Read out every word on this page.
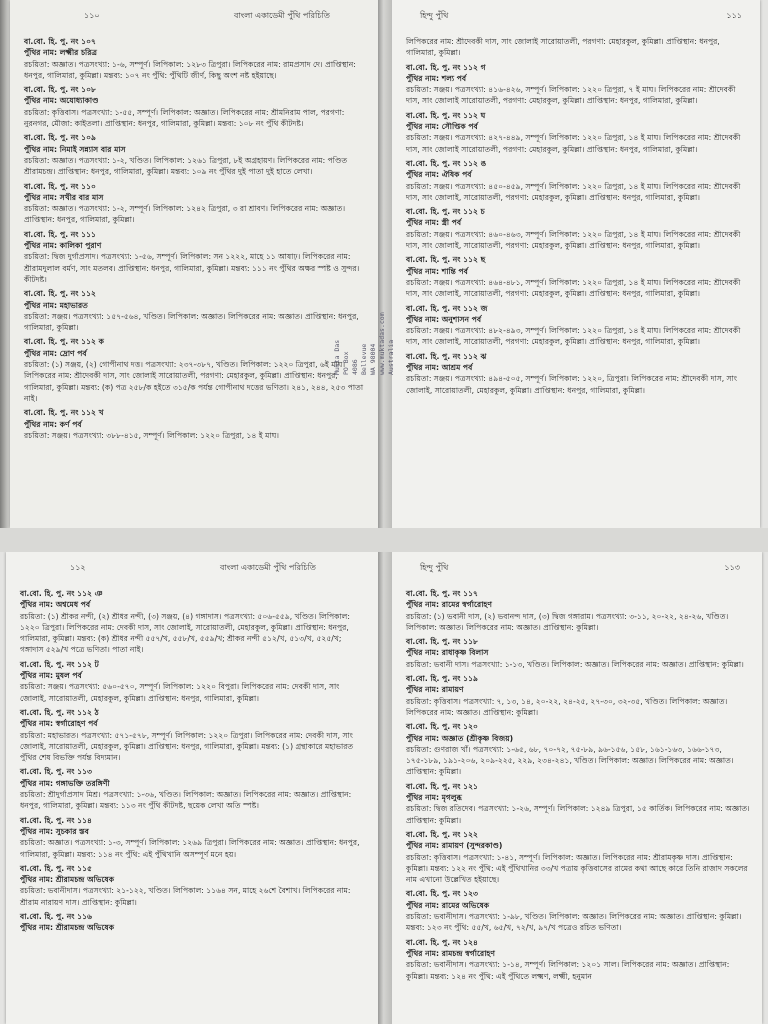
১১০	বাংলা একাডেমী পুঁথি পরিচিতি
বা.বো. হি. পু. নং ১০৭
পুঁথির নাম: লক্ষ্মীর চরিত্র
রচয়িতা: অজ্ঞাত। পত্রসংখ্যা: ১-৬, সম্পূর্ণ। লিপিকাল: ১২৮৩ ত্রিপুরা। লিপিকরের নাম: রামপ্রসাদ দে। প্রাপ্তিস্থান: ধনপুর, গালিমারা, কুমিল্লা। মন্তব্য: ১০৭ নং পুঁথি: পুঁথিটি জীর্ণ, কিছু অংশ নষ্ট হইয়াছে।
বা.বো. হি. পু. নং ১০৮
পুঁথির নাম: অযোধ্যাকাণ্ড
রচয়িতা: কৃত্তিবাস। পত্রসংখ্যা: ১-৫৫, সম্পূর্ণ। লিপিকাল: অজ্ঞাত। লিপিকরের নাম: শ্রীমনিরাম পাল, পরগণা: নুরনগর, মৌজা: কাইতলা। প্রাপ্তিস্থান: ধনপুর, গালিমারা, কুমিল্লা। মন্তব্য: ১০৮ নং পুঁথি কীটদষ্ট।
বা.বো. হি. পু. নং ১০৯
পুঁথির নাম: নিমাই সন্ন্যাস বার মাস
রচয়িতা: অজ্ঞাত। পত্রসংখ্যা: ১-২, খণ্ডিত। লিপিকাল: ১২৬১ ত্রিপুরা, ৮ই অগ্রহায়ণ। লিপিকরের নাম: পণ্ডিত শ্রীরামচন্দ্র। প্রাপ্তিস্থান: ধনপুর, গালিমারা, কুমিল্লা। মন্তব্য: ১০৯ নং পুঁথির দুই পাতা দুই হাতে লেখা।
বা.বো. হি. পু. নং ১১০
পুঁথির নাম: সখীর বার মাস
রচয়িতা: অজ্ঞাত। পত্রসংখ্যা: ১-২, সম্পূর্ণ। লিপিকাল: ১২৪২ ত্রিপুরা, ৩ রা শ্রাবণ। লিপিকরের নাম: অজ্ঞাত। প্রাপ্তিস্থান: ধনপুর, গালিমারা, কুমিল্লা।
বা.বো. হি. পু. নং ১১১
পুঁথির নাম: কালিকা পুরাণ
রচয়িতা: দ্বিজ দুর্গাপ্রসাদ। পত্রসংখ্যা: ১-৫৬, সম্পূর্ণ। লিপিকাল: সন ১২২২, মাহে ১১ আষাঢ়। লিপিকরের নাম: শ্রীরামদুলাল বর্মণ, সাং মতলব। প্রাপ্তিস্থান: ধনপুর, গালিমারা, কুমিল্লা। মন্তব্য: ১১১ নং পুঁথির অক্ষর স্পষ্ট ও সুন্দর। কীটদষ্ট।
বা.বো. হি. পু. নং ১১২
পুঁথির নাম: মহাভারত
রচয়িতা: সঞ্জয়। পত্রসংখ্যা: ১৫৭-৫৬৪, খণ্ডিত। লিপিকাল: অজ্ঞাত। লিপিকরের নাম: অজ্ঞাত। প্রাপ্তিস্থান: ধনপুর, গালিমারা, কুমিল্লা।
বা.বো. হি. পু. নং ১১২ ক
পুঁথির নাম: দ্রোণ পর্ব
রচয়িতা: (১) সঞ্জয়, (২) গোপীনাথ দত্ত। পত্রসংখ্যা: ২৩৭-৩৮৭, খণ্ডিত। লিপিকাল: ১২২০ ত্রিপুরা, ৬ই মাঘ। লিপিকরের নাম: শ্রীদেবকী দাস, সাং জোলাই সারোয়াতলী, পরগণা: মেহারকুল, কুমিল্লা। প্রাপ্তিস্থান: ধনপুর, গালিমারা, কুমিল্লা। মন্তব্য: (ক) পত্র ২৫৮/ক হইতে ৩১৫/ক পর্যন্ত গোপীনাথ দত্তের ভণিতা। ২৪১, ২৪৪, ২৫৩ পাতা নাই।
বা.বো. হি. পু. নং ১১২ খ
পুঁথির নাম: কর্ণ পর্ব
রচয়িতা: সঞ্জয়। পত্রসংখ্যা: ৩৮৮-৪১৫, সম্পূর্ণ। লিপিকাল: ১২২০ ত্রিপুরা, ১৪ ই মাঘ।
হিন্দু পুঁথি	১১১
লিপিকরের নাম: শ্রীদেবকী দাস, সাং জোলাই সারোয়াতলী, পরগণা: মেহারকুল, কুমিল্লা। প্রাপ্তিস্থান: ধনপুর, গালিমারা, কুমিল্লা।
বা.বো. হি. পু. নং ১১২ গ
পুঁথির নাম: শল্য পর্ব
রচয়িতা: সঞ্জয়। পত্রসংখ্যা: ৪১৬-৪২৬, সম্পূর্ণ। লিপিকাল: ১২২০ ত্রিপুরা, ৭ ই মাঘ। লিপিকরের নাম: শ্রীদেবকী দাস, সাং জোলাই সারোয়াতলী, পরগণা: মেহারকুল, কুমিল্লা। প্রাপ্তিস্থান: ধনপুর, গালিমারা, কুমিল্লা।
বা.বো. হি. পু. নং ১১২ ঘ
পুঁথির নাম: সৌপ্তিক পর্ব
রচয়িতা: সঞ্জয়। পত্রসংখ্যা: ৪২৭-৪৪৯, সম্পূর্ণ। লিপিকাল: ১২২০ ত্রিপুরা, ১৪ ই মাঘ। লিপিকরের নাম: শ্রীদেবকী দাস, সাং জোলাই সারোয়াতলী, পরগণা: মেহারকুল, কুমিল্লা। প্রাপ্তিস্থান: ধনপুর, গালিমারা, কুমিল্লা।
বা.বো. হি. পু. নং ১১২ ঙ
পুঁথির নাম: ঐষিক পর্ব
রচয়িতা: সঞ্জয়। পত্রসংখ্যা: ৪৫০-৪৫৯, সম্পূর্ণ। লিপিকাল: ১২২০ ত্রিপুরা, ১৪ ই মাঘ। লিপিকরের নাম: শ্রীদেবকী দাস, সাং জোলাই, সারোয়াতলী, পরগণা: মেহারকুল, কুমিল্লা। প্রাপ্তিস্থান: ধনপুর, গালিমারা, কুমিল্লা।
বা.বো. হি. পু. নং ১১২ চ
পুঁথির নাম: স্ত্রী পর্ব
রচয়িতা: সঞ্জয়। পত্রসংখ্যা: ৪৬০-৪৬৩, সম্পূর্ণ। লিপিকাল: ১২২০ ত্রিপুরা, ১৪ ই মাঘ। লিপিকরের নাম: শ্রীদেবকী দাস, সাং জোলাই, সারোয়াতলী, পরগণা: মেহারকুল, কুমিল্লা। প্রাপ্তিস্থান: ধনপুর, গালিমারা, কুমিল্লা।
বা.বো. হি. পু. নং ১১২ ছ
পুঁথির নাম: শান্তি পর্ব
রচয়িতা: সঞ্জয়। পত্রসংখ্যা: ৪৬৪-৪৮১, সম্পূর্ণ। লিপিকাল: ১২২০ ত্রিপুরা, ১৪ ই মাঘ। লিপিকরের নাম: শ্রীদেবকী দাস, সাং জোলাই, সারোয়াতলী, পরগণা: মেহারকুল, কুমিল্লা। প্রাপ্তিস্থান: ধনপুর, গালিমারা, কুমিল্লা।
বা.বো. হি. পু. নং ১১২ জ
পুঁথির নাম: অনুশাসন পর্ব
রচয়িতা: সঞ্জয়। পত্রসংখ্যা: ৪৮২-৪৯৩, সম্পূর্ণ। লিপিকাল: ১২২০ ত্রিপুরা, ১৪ ই মাঘ। লিপিকরের নাম: শ্রীদেবকী দাস, সাং জোলাই, সারোয়াতলী, পরগণা: মেহারকুল, কুমিল্লা। প্রাপ্তিস্থান: ধনপুর, গালিমারা, কুমিল্লা।
বা.বো. হি. পু. নং ১১২ ঝ
পুঁথির নাম: আশ্রম পর্ব
রচয়িতা: সঞ্জয়। পত্রসংখ্যা: ৪৯৪-৫০৫, সম্পূর্ণ। লিপিকাল: ১২২০, ত্রিপুরা। লিপিকরের নাম: শ্রীদেবকী দাস, সাং জোলাই, সারোয়াতলী, মেহারকুল, কুমিল্লা। প্রাপ্তিস্থান: ধনপুর, গালিমারা, কুমিল্লা।
১১২	বাংলা একাডেমী পুঁথি পরিচিতি
বা.বো. হি. পু. নং ১১২ ঞ
পুঁথির নাম: অশ্বমেধ পর্ব
রচয়িতা: (১) শ্রীকর নন্দী, (২) শ্রীধর নন্দী, (৩) সঞ্জয়, (৪) গঙ্গাদাস। পত্রসংখ্যা: ৫০৬-৫৫৯, খণ্ডিত। লিপিকাল: ১২২০ ত্রিপুরা। লিপিকরের নাম: দেবকী দাস, সাং জোলাই, সারোয়াতলী, মেহারকুল, কুমিল্লা। প্রাপ্তিস্থান: ধনপুর, গালিমারা, কুমিল্লা। মন্তব্য: (ক) শ্রীধর নন্দী ৫৫৭/খ, ৫৫৮/খ, ৫৫৯/খ; শ্রীকর নন্দী ৫১২/খ, ৫১৩/খ, ৫২৫/খ; গঙ্গাদাস ৫২৯/খ পত্রে ভণিতা। পাতা নাই।
বা.বো. হি. পু. নং ১১২ ট
পুঁথির নাম: মুষল পর্ব
রচয়িতা: সঞ্জয়। পত্রসংখ্যা: ৫৬০-৫৭০, সম্পূর্ণ। লিপিকাল: ১২২০ বিপুরা। লিপিকরের নাম: দেবকী দাস, সাং জোলাই, সারোয়াতলী, মেহারকুল, কুমিল্লা। প্রাপ্তিস্থান: ধনপুর, গালিমারা, কুমিল্লা।
বা.বো. হি. পু. নং ১১২ ঠ
পুঁথির নাম: স্বর্গারোহণ পর্ব
রচয়িতা: মহাভারত। পত্রসংখ্যা: ৫৭১-৫৭৮, সম্পূর্ণ। লিপিকাল: ১২২০ ত্রিপুরা। লিপিকরের নাম: দেবকী দাস, সাং জোলাই, সারোয়াতলী, মেহারকুল, কুমিল্লা। প্রাপ্তিস্থান: ধনপুর, গালিমারা, কুমিল্লা। মন্তব্য: (১) গ্রন্থাকারে মহাভারত পুঁথির শেষ বিভক্তি পর্যন্ত বিদ্যমান।
বা.বো. হি. পু. নং ১১৩
পুঁথির নাম: গঙ্গাভক্তি তরঙ্গিণী
রচয়িতা: শ্রীদুর্গাপ্রসাদ মিশ্র। পত্রসংখ্যা: ১-৩৬, খণ্ডিত। লিপিকাল: অজ্ঞাত। লিপিকরের নাম: অজ্ঞাত। প্রাপ্তিস্থান: ধনপুর, গালিমারা, কুমিল্লা। মন্তব্য: ১১৩ নং পুঁথি কীটদষ্ট, ছয়েক লেখা অতি স্পষ্ট।
বা.বো. হি. পু. নং ১১৪
পুঁথির নাম: সুচকার স্তব
রচয়িতা: অজ্ঞাত। পত্রসংখ্যা: ১-৩, সম্পূর্ণ। লিপিকাল: ১২৬৯ ত্রিপুরা। লিপিকরের নাম: অজ্ঞাত। প্রাপ্তিস্থান: ধনপুর, গালিমারা, কুমিল্লা। মন্তব্য: ১১৪ নং পুঁথি: এই পুঁথিখানি অসম্পূর্ণ মনে হয়।
বা.বো. হি. পু. নং ১১৫
পুঁথির নাম: শ্রীরামচন্দ্র অভিষেক
রচয়িতা: ভবানীদাস। পত্রসংখ্যা: ২১-১২২, খণ্ডিত। লিপিকাল: ১১৬৪ সন, মাহে ২৬শে বৈশাখ। লিপিকরের নাম: শ্রীরাম নারায়ণ দাস। প্রাপ্তিস্থান: কুমিল্লা।
বা.বো. হি. পু. নং ১১৬
পুঁথির নাম: শ্রীরামচন্দ্র অভিষেক
হিন্দু পুঁথি	১১৩
বা.বো. হি. পু. নং ১১৭
পুঁথির নাম: রামের স্বর্গারোহণ
রচয়িতা: (১) ভবানী দাস, (২) ভবানন্দ দাস, (৩) দ্বিজ গঙ্গারাম। পত্রসংখ্যা: ৩-১১, ২০-২২, ২৪-২৬, খণ্ডিত। লিপিকাল: অজ্ঞাত। লিপিকরের নাম: অজ্ঞাত। প্রাপ্তিস্থান: কুমিল্লা।
বা.বো. হি. পু. নং ১১৮
পুঁথির নাম: রাধাকৃষ্ণ বিলাস
রচয়িতা: ভবানী দাস। পত্রসংখ্যা: ১-১৩, খণ্ডিত। লিপিকাল: অজ্ঞাত। লিপিকরের নাম: অজ্ঞাত। প্রাপ্তিস্থান: কুমিল্লা।
বা.বো. হি. পু. নং ১১৯
পুঁথির নাম: রামায়ণ
রচয়িতা: কৃত্তিবাস। পত্রসংখ্যা: ৭, ১৩, ১৪, ২০-২২, ২৪-২৫, ২৭-৩০, ৩২-৩৫, খণ্ডিত। লিপিকাল: অজ্ঞাত। লিপিকরের নাম: অজ্ঞাত। প্রাপ্তিস্থান: কুমিল্লা।
বা.বো. হি. পু. নং ১২০
পুঁথির নাম: অজ্ঞাত (শ্রীকৃষ্ণ বিজয়)
রচয়িতা: গুণরাজ খাঁ। পত্রসংখ্যা: ১-৬৫, ৬৮, ৭০-৭২, ৭৫-৮৯, ৯৬-১৫৬, ১৫৮, ১৬১-১৬৩, ১৬৬-১৭৩, ১৭৫-১৮৯, ১৯১-২০৬, ২০৯-২২৫, ২২৯, ২৩৪-২৪১, খণ্ডিত। লিপিকাল: অজ্ঞাত। লিপিকরের নাম: অজ্ঞাত। প্রাপ্তিস্থান: কুমিল্লা।
বা.বো. হি. পু. নং ১২১
পুঁথির নাম: মৃগলুব্ধ
রচয়িতা: দ্বিজ রতিদেব। পত্রসংখ্যা: ১-২৬, সম্পূর্ণ। লিপিকাল: ১২৪৯ ত্রিপুরা, ১৫ কার্তিক। লিপিকরের নাম: অজ্ঞাত। প্রাপ্তিস্থান: কুমিল্লা।
বা.বো. হি. পু. নং ১২২
পুঁথির নাম: রামায়ণ (সুন্দরকাণ্ড)
রচয়িতা: কৃত্তিবাস। পত্রসংখ্যা: ১-৪১, সম্পূর্ণ। লিপিকাল: অজ্ঞাত। লিপিকরের নাম: শ্রীরামকৃষ্ণ দাস। প্রাপ্তিস্থান: কুমিল্লা। মন্তব্য: ১২২ নং পুঁথি: এই পুঁথিখানির ৩৩/খ পত্রায় কৃত্তিবাসের রামের কথা আছে কারে তিনি রাজাদ সকলের নাম এখানো উল্লেখিত হইয়াছে।
বা.বো. হি. পু. নং ১২৩
পুঁথির নাম: রামের অভিষেক
রচয়িতা: ভবানীদাস। পত্রসংখ্যা: ১-৯৮, খণ্ডিত। লিপিকাল: অজ্ঞাত। লিপিকরের নাম: অজ্ঞাত। প্রাপ্তিস্থান: কুমিল্লা। মন্তব্য: ১২৩ নং পুঁথি: ৫৫/খ, ৬৫/খ, ৭২/খ, ৯৭/খ পত্রেও রচিত ভণিতা।
বা.বো. হি. পু. নং ১২৪
পুঁথির নাম: রামচন্দ্র স্বর্গারোহণ
রচয়িতা: ভবানীদাস। পত্রসংখ্যা: ১-১৪, সম্পূর্ণ। লিপিকাল: ১২০১ সাল। লিপিকরের নাম: অজ্ঞাত। প্রাপ্তিস্থান: কুমিল্লা। মন্তব্য: ১২৪ নং পুঁথি: এই পুঁথিতে লক্ষ্মণ, লক্ষ্মী, হনুমান
Mukta Das PO Box 4086 Bellevue WA 98004 www.muktadas.com Australia
